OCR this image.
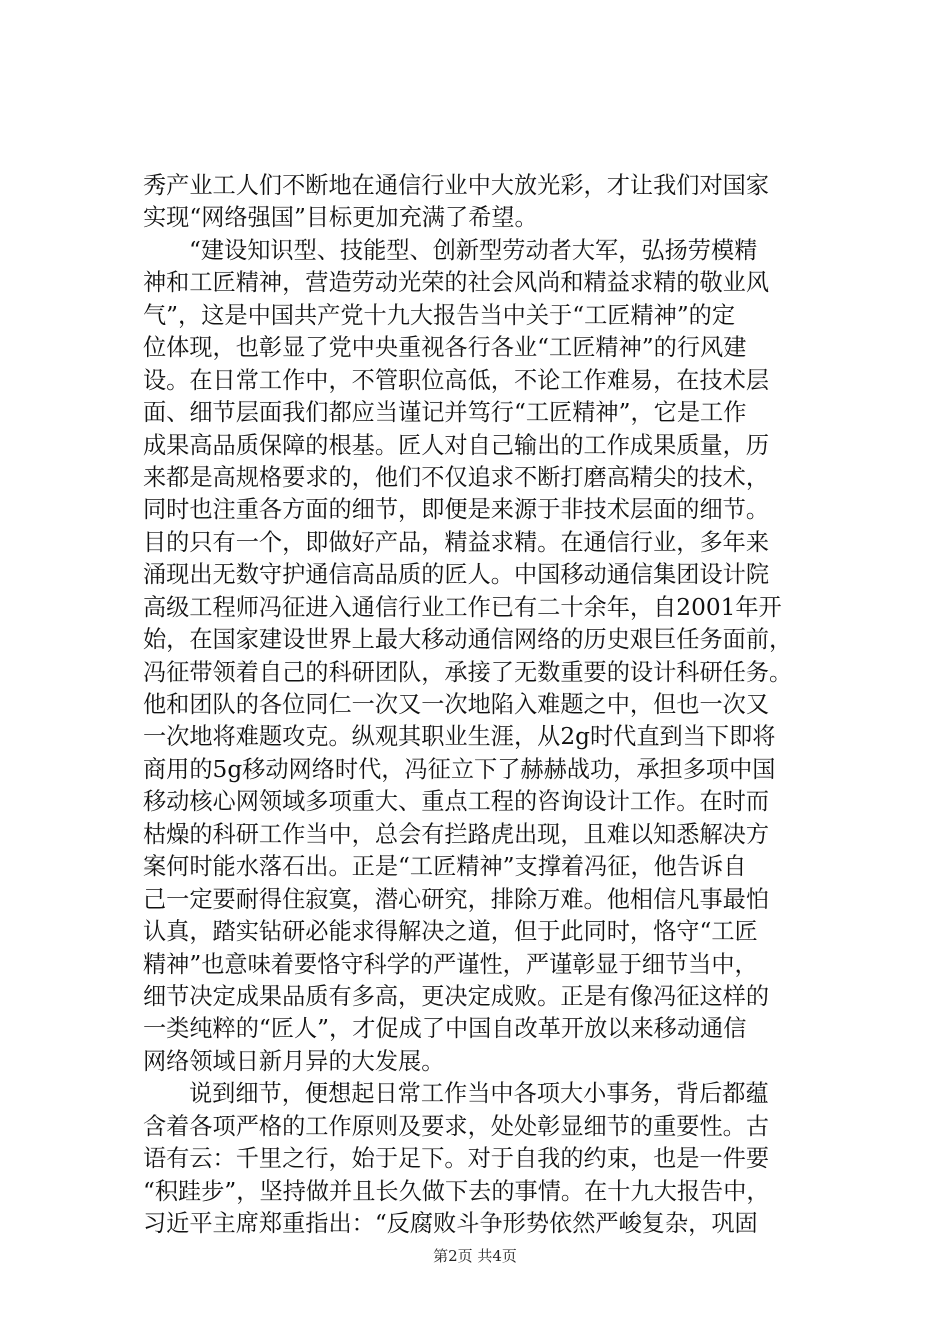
秀产业工人们不断地在通信行业中大放光彩，才让我们对国家
实现“网络强国”目标更加充满了希望。
“建设知识型、技能型、创新型劳动者大军，弘扬劳模精
神和工匠精神，营造劳动光荣的社会风尚和精益求精的敬业风
气”，这是中国共产党十九大报告当中关于“工匠精神”的定
位体现，也彰显了党中央重视各行各业“工匠精神”的行风建
设。在日常工作中，不管职位高低，不论工作难易，在技术层
面、细节层面我们都应当谨记并笃行“工匠精神”，它是工作
成果高品质保障的根基。匠人对自己输出的工作成果质量，历
来都是高规格要求的，他们不仅追求不断打磨高精尖的技术，
同时也注重各方面的细节，即便是来源于非技术层面的细节。
目的只有一个，即做好产品，精益求精。在通信行业，多年来
涌现出无数守护通信高品质的匠人。中国移动通信集团设计院
高级工程师冯征进入通信行业工作已有二十余年，自2001年开
始，在国家建设世界上最大移动通信网络的历史艰巨任务面前，
冯征带领着自己的科研团队，承接了无数重要的设计科研任务。
他和团队的各位同仁一次又一次地陷入难题之中，但也一次又
一次地将难题攻克。纵观其职业生涯，从2g时代直到当下即将
商用的5g移动网络时代，冯征立下了赫赫战功，承担多项中国
移动核心网领域多项重大、重点工程的咨询设计工作。在时而
枯燥的科研工作当中，总会有拦路虎出现，且难以知悉解决方
案何时能水落石出。正是“工匠精神”支撑着冯征，他告诉自
己一定要耐得住寂寞，潜心研究，排除万难。他相信凡事最怕
认真，踏实钻研必能求得解决之道，但于此同时，恪守“工匠
精神”也意味着要恪守科学的严谨性，严谨彰显于细节当中，
细节决定成果品质有多高，更决定成败。正是有像冯征这样的
一类纯粹的“匠人”，才促成了中国自改革开放以来移动通信
网络领域日新月异的大发展。
说到细节，便想起日常工作当中各项大小事务，背后都蕴
含着各项严格的工作原则及要求，处处彰显细节的重要性。古
语有云：千里之行，始于足下。对于自我的约束，也是一件要
“积跬步”，坚持做并且长久做下去的事情。在十九大报告中，
习近平主席郑重指出：“反腐败斗争形势依然严峻复杂，巩固
第2页 共4页
